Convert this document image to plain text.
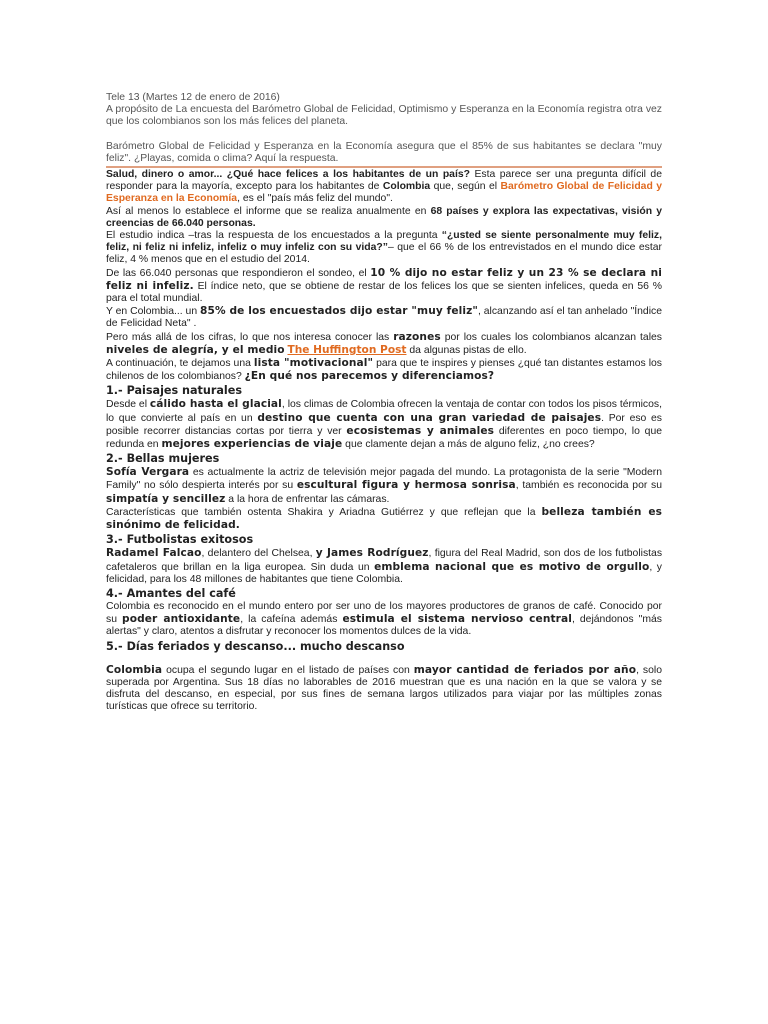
Tele 13 (Martes 12 de enero de 2016)

A propósito de La encuesta del Barómetro Global de Felicidad, Optimismo y Esperanza en la Economía registra otra vez que los colombianos son los más felices del planeta.

Barómetro Global de Felicidad y Esperanza en la Economía asegura que el 85% de sus habitantes se declara "muy feliz". ¿Playas, comida o clima? Aquí la respuesta.

Salud, dinero o amor... ¿Qué hace felices a los habitantes de un país? Esta parece ser una pregunta difícil de responder para la mayoría, excepto para los habitantes de Colombia que, según el Barómetro Global de Felicidad y Esperanza en la Economía, es el "país más feliz del mundo".

Así al menos lo establece el informe que se realiza anualmente en 68 países y explora las expectativas, visión y creencias de 66.040 personas.

El estudio indica –tras la respuesta de los encuestados a la pregunta “¿usted se siente personalmente muy feliz, feliz, ni feliz ni infeliz, infeliz o muy infeliz con su vida?”– que el 66 % de los entrevistados en el mundo dice estar feliz, 4 % menos que en el estudio del 2014.

De las 66.040 personas que respondieron el sondeo, el 10 % dijo no estar feliz y un 23 % se declara ni feliz ni infeliz. El índice neto, que se obtiene de restar de los felices los que se sienten infelices, queda en 56 % para el total mundial.

Y en Colombia... un 85% de los encuestados dijo estar "muy feliz", alcanzando así el tan anhelado "Índice de Felicidad Neta" .

Pero más allá de los cifras, lo que nos interesa conocer las razones por los cuales los colombianos alcanzan tales niveles de alegría, y el medio The Huffington Post da algunas pistas de ello.

A continuación, te dejamos una lista "motivacional" para que te inspires y pienses ¿qué tan distantes estamos los chilenos de los colombianos? ¿En qué nos parecemos y diferenciamos?

1.- Paisajes naturales

Desde el cálido hasta el glacial, los climas de Colombia ofrecen la ventaja de contar con todos los pisos térmicos, lo que convierte al país en un destino que cuenta con una gran variedad de paisajes. Por eso es posible recorrer distancias cortas por tierra y ver ecosistemas y animales diferentes en poco tiempo, lo que redunda en mejores experiencias de viaje que clamente dejan a más de alguno feliz, ¿no crees?

2.- Bellas mujeres

Sofía Vergara es actualmente la actriz de televisión mejor pagada del mundo. La protagonista de la serie "Modern Family" no sólo despierta interés por su escultural figura y hermosa sonrisa, también es reconocida por su simpatía y sencillez a la hora de enfrentar las cámaras.

Características que también ostenta Shakira y Ariadna Gutiérrez y que reflejan que la belleza también es sinónimo de felicidad.

3.- Futbolistas exitosos

Radamel Falcao, delantero del Chelsea, y James Rodríguez, figura del Real Madrid, son dos de los futbolistas cafetaleros que brillan en la liga europea. Sin duda un emblema nacional que es motivo de orgullo, y felicidad, para los 48 millones de habitantes que tiene Colombia.

4.- Amantes del café

Colombia es reconocido en el mundo entero por ser uno de los mayores productores de granos de café. Conocido por su poder antioxidante, la cafeína además estimula el sistema nervioso central, dejándonos "más alertas" y claro, atentos a disfrutar y reconocer los momentos dulces de la vida.

5.- Días feriados y descanso... mucho descanso

Colombia ocupa el segundo lugar en el listado de países con mayor cantidad de feriados por año, solo superada por Argentina. Sus 18 días no laborables de 2016 muestran que es una nación en la que se valora y se disfruta del descanso, en especial, por sus fines de semana largos utilizados para viajar por las múltiples zonas turísticas que ofrece su territorio.
